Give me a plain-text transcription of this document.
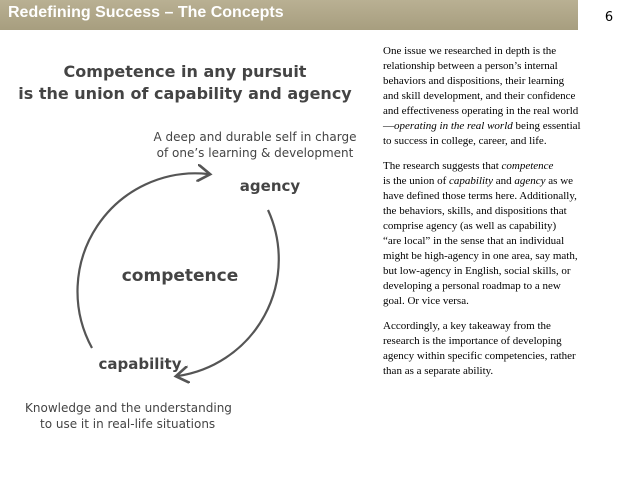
Redefining Success – The Concepts	6
Competence in any pursuit
is the union of capability and agency
A deep and durable self in charge
of one’s learning & development
agency
competence
capability
Knowledge and the understanding
to use it in real-life situations
One issue we researched in depth is the
relationship between a person’s internal
behaviors and dispositions, their learning
and skill development, and their confidence
and effectiveness operating in the real world
—operating in the real world being essential
to success in college, career, and life.
The research suggests that competence
is the union of capability and agency as we
have defined those terms here. Additionally,
the behaviors, skills, and dispositions that
comprise agency (as well as capability)
“are local” in the sense that an individual
might be high-agency in one area, say math,
but low-agency in English, social skills, or
developing a personal roadmap to a new
goal. Or vice versa.
Accordingly, a key takeaway from the
research is the importance of developing
agency within specific competencies, rather
than as a separate ability.
